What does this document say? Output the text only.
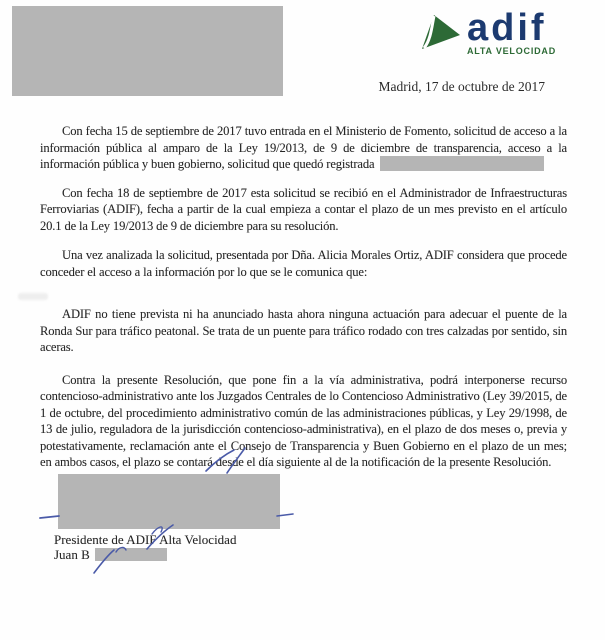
adif
ALTA VELOCIDAD
Madrid, 17 de octubre de 2017

Con fecha 15 de septiembre de 2017 tuvo entrada en el Ministerio de Fomento, solicitud de acceso a la información pública al amparo de la Ley 19/2013, de 9 de diciembre de transparencia, acceso a la información pública y buen gobierno, solicitud que quedó registrada

Con fecha 18 de septiembre de 2017 esta solicitud se recibió en el Administrador de Infraestructuras Ferroviarias (ADIF), fecha a partir de la cual empieza a contar el plazo de un mes previsto en el artículo 20.1 de la Ley 19/2013 de 9 de diciembre para su resolución.

Una vez analizada la solicitud, presentada por Dña. Alicia Morales Ortiz, ADIF considera que procede conceder el acceso a la información por lo que se le comunica que:

ADIF no tiene prevista ni ha anunciado hasta ahora ninguna actuación para adecuar el puente de la Ronda Sur para tráfico peatonal. Se trata de un puente para tráfico rodado con tres calzadas por sentido, sin aceras.

Contra la presente Resolución, que pone fin a la vía administrativa, podrá interponerse recurso contencioso-administrativo ante los Juzgados Centrales de lo Contencioso Administrativo (Ley 39/2015, de 1 de octubre, del procedimiento administrativo común de las administraciones públicas, y Ley 29/1998, de 13 de julio, reguladora de la jurisdicción contencioso-administrativa), en el plazo de dos meses o, previa y potestativamente, reclamación ante el Consejo de Transparencia y Buen Gobierno en el plazo de un mes; en ambos casos, el plazo se contará desde el día siguiente al de la notificación de la presente Resolución.

Presidente de ADIF Alta Velocidad
Juan B
